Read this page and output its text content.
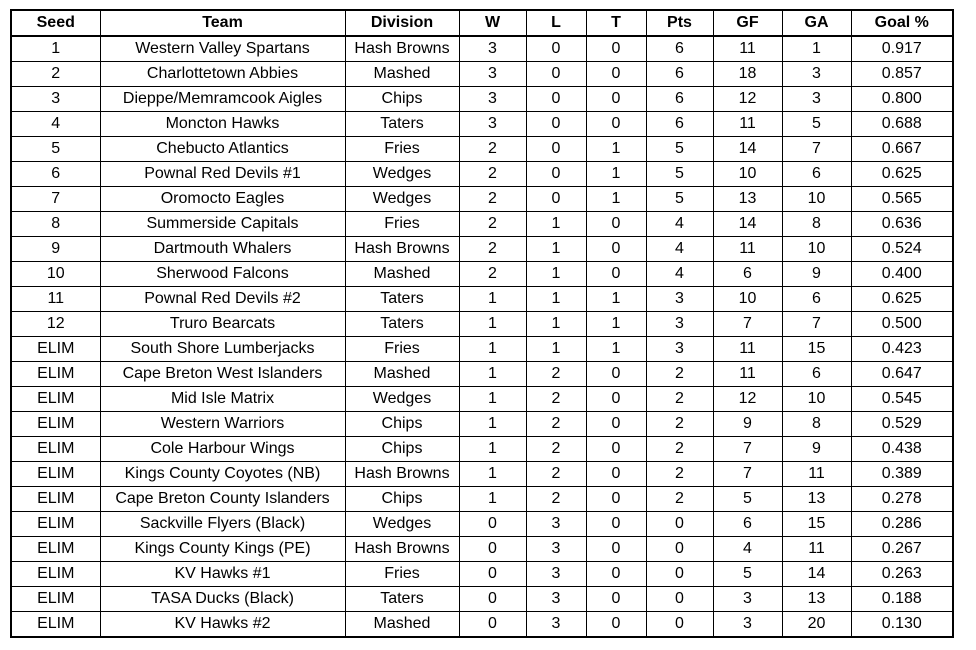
Seed	Team	Division	W	L	T	Pts	GF	GA	Goal %
1	Western Valley Spartans	Hash Browns	3	0	0	6	11	1	0.917
2	Charlottetown Abbies	Mashed	3	0	0	6	18	3	0.857
3	Dieppe/Memramcook Aigles	Chips	3	0	0	6	12	3	0.800
4	Moncton Hawks	Taters	3	0	0	6	11	5	0.688
5	Chebucto Atlantics	Fries	2	0	1	5	14	7	0.667
6	Pownal Red Devils #1	Wedges	2	0	1	5	10	6	0.625
7	Oromocto Eagles	Wedges	2	0	1	5	13	10	0.565
8	Summerside Capitals	Fries	2	1	0	4	14	8	0.636
9	Dartmouth Whalers	Hash Browns	2	1	0	4	11	10	0.524
10	Sherwood Falcons	Mashed	2	1	0	4	6	9	0.400
11	Pownal Red Devils #2	Taters	1	1	1	3	10	6	0.625
12	Truro Bearcats	Taters	1	1	1	3	7	7	0.500
ELIM	South Shore Lumberjacks	Fries	1	1	1	3	11	15	0.423
ELIM	Cape Breton West Islanders	Mashed	1	2	0	2	11	6	0.647
ELIM	Mid Isle Matrix	Wedges	1	2	0	2	12	10	0.545
ELIM	Western Warriors	Chips	1	2	0	2	9	8	0.529
ELIM	Cole Harbour Wings	Chips	1	2	0	2	7	9	0.438
ELIM	Kings County Coyotes (NB)	Hash Browns	1	2	0	2	7	11	0.389
ELIM	Cape Breton County Islanders	Chips	1	2	0	2	5	13	0.278
ELIM	Sackville Flyers (Black)	Wedges	0	3	0	0	6	15	0.286
ELIM	Kings County Kings (PE)	Hash Browns	0	3	0	0	4	11	0.267
ELIM	KV Hawks #1	Fries	0	3	0	0	5	14	0.263
ELIM	TASA Ducks (Black)	Taters	0	3	0	0	3	13	0.188
ELIM	KV Hawks #2	Mashed	0	3	0	0	3	20	0.130
